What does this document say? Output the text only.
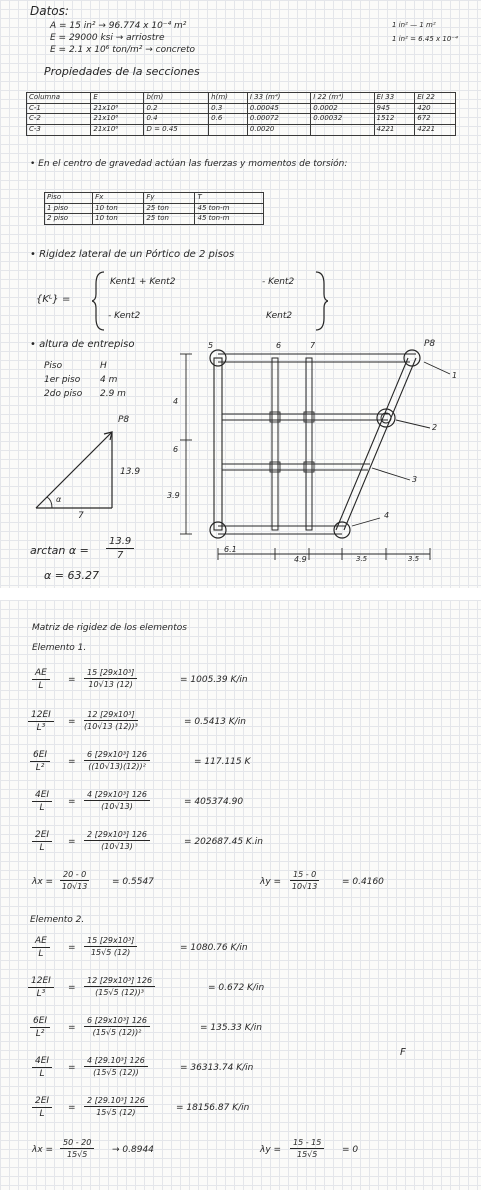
Datos:
A = 15 in² → 96.774 x 10⁻⁴ m²
E = 29000 ksi → arriostre
E = 2.1 x 10⁶ ton/m² → concreto
1 in² — 1 m²
1 in² = 6.45 x 10⁻⁴
Propiedades de la secciones
Columna	E	b(m)	h(m)	I 33 (m⁴)	I 22 (m⁴)	EI 33	EI 22
C-1	21x10⁶	0.2	0.3	0.00045	0.0002	945	420
C-2	21x10⁶	0.4	0.6	0.00072	0.00032	1512	672
C-3	21x10⁶	D = 0.45		0.0020		4221	4221
• En el centro de gravedad actúan las fuerzas y momentos de torsión:
Piso	Fx	Fy	T
1 piso	10 ton	25 ton	45 ton-m
2 piso	10 ton	25 ton	45 ton-m
• Rigidez lateral de un Pórtico de 2 pisos
{Kᴸ} =
Kent1 + Kent2	- Kent2
- Kent2	Kent2
• altura de entrepiso
Piso	H
1er piso 4 m
2do piso 2.9 m
P8
13.9
7
α
$\arctan \alpha = \frac{13.9}{7}$
α = 63.27
5	6	7	P8
1
2
3
4
4
6
3.9
6.1
4.9	3.5	3.5
Matriz de rigidez de los elementos
Elemento 1.
$\frac{AE}{L} = \frac{\text{15 [29x10³]}}{10√13 (12)}$	= 1005.39 K/in
$\frac{12EI}{\text{L³}} = \frac{\text{12 [29x10³]}}{\text{(10√13 (12))³}}$	= 0.5413 K/in
$\frac{6EI}{\text{L²}} = \frac{\text{6 [29x10³] 126}}{\text{((10√13)(12))²}}$	= 117.115 K
$\frac{4EI}{L} = \frac{\text{4 [29x10³] 126}}{(10√13)}$	= 405374.90
$\frac{2EI}{L} = \frac{\text{2 [29x10³] 126}}{(10√13)}$	= 202687.45 K.in
$\lambda x = \frac{20 - 0}{10√13}$	= 0.5547	$\lambda y = \frac{15 - 0}{10√13}$	= 0.4160
Elemento 2.
$\frac{AE}{L} = \frac{\text{15 [29x10³]}}{15√5 (12)}$	= 1080.76 K/in
$\frac{12EI}{\text{L³}} = \frac{\text{12 [29x10³] 126}}{\text{(15√5 (12))³}}$	= 0.672 K/in
$\frac{6EI}{\text{L²}} = \frac{\text{6 [29x10³] 126}}{\text{(15√5 (12))²}}$	= 135.33 K/in
$\frac{4EI}{L} = \frac{\text{4 [29.10³] 126}}{(15√5 (12))}$	= 36313.74 K/in
$\frac{2EI}{L} = \frac{\text{2 [29.10³] 126}}{15√5 (12)}$	= 18156.87 K/in
$\lambda x = \frac{50 - 20}{15√5} \to 0.8944$	$\lambda y = \frac{15 - 15}{15√5} = 0$
F
